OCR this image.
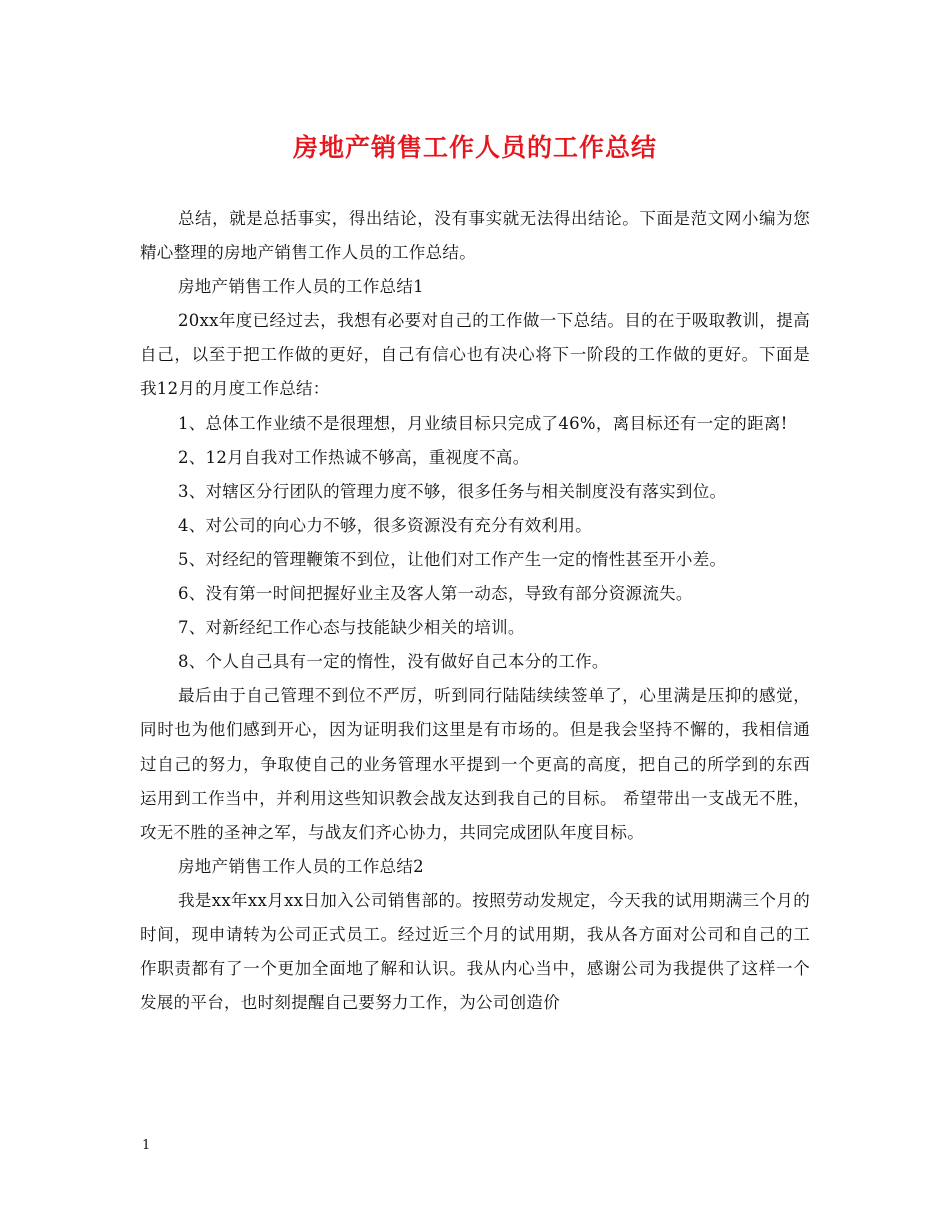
房地产销售工作人员的工作总结

总结，就是总括事实，得出结论，没有事实就无法得出结论。下面是范文网小编为您精心整理的房地产销售工作人员的工作总结。

房地产销售工作人员的工作总结1

20xx年度已经过去，我想有必要对自己的工作做一下总结。目的在于吸取教训，提高自己，以至于把工作做的更好，自己有信心也有决心将下一阶段的工作做的更好。下面是我12月的月度工作总结：

1、总体工作业绩不是很理想，月业绩目标只完成了46%，离目标还有一定的距离!

2、12月自我对工作热诚不够高，重视度不高。

3、对辖区分行团队的管理力度不够，很多任务与相关制度没有落实到位。

4、对公司的向心力不够，很多资源没有充分有效利用。

5、对经纪的管理鞭策不到位，让他们对工作产生一定的惰性甚至开小差。

6、没有第一时间把握好业主及客人第一动态，导致有部分资源流失。

7、对新经纪工作心态与技能缺少相关的培训。

8、个人自己具有一定的惰性，没有做好自己本分的工作。

最后由于自己管理不到位不严厉，听到同行陆陆续续签单了，心里满是压抑的感觉，同时也为他们感到开心，因为证明我们这里是有市场的。但是我会坚持不懈的，我相信通过自己的努力，争取使自己的业务管理水平提到一个更高的高度，把自己的所学到的东西运用到工作当中，并利用这些知识教会战友达到我自己的目标。 希望带出一支战无不胜，攻无不胜的圣神之军，与战友们齐心协力，共同完成团队年度目标。

房地产销售工作人员的工作总结2

我是xx年xx月xx日加入公司销售部的。按照劳动发规定，今天我的试用期满三个月的时间，现申请转为公司正式员工。经过近三个月的试用期，我从各方面对公司和自己的工作职责都有了一个更加全面地了解和认识。我从内心当中，感谢公司为我提供了这样一个发展的平台，也时刻提醒自己要努力工作，为公司创造价

1
